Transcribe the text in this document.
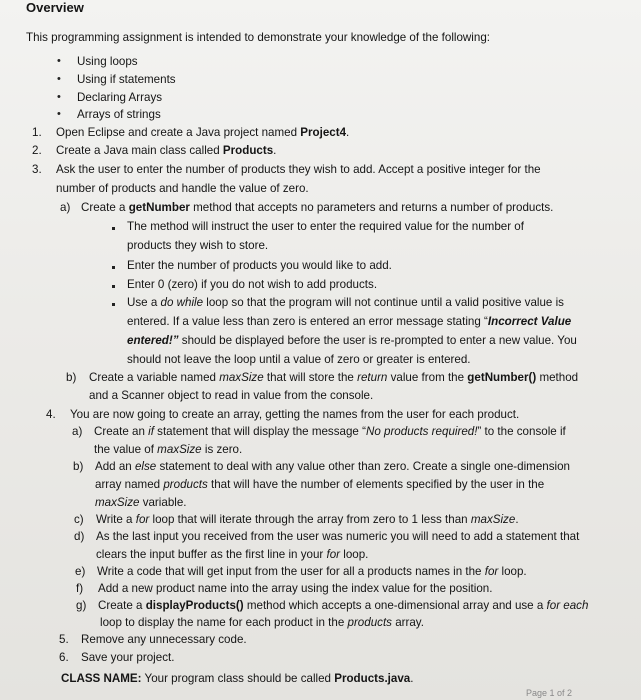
Overview
This programming assignment is intended to demonstrate your knowledge of the following:
• Using loops
• Using if statements
• Declaring Arrays
• Arrays of strings
1. Open Eclipse and create a Java project named Project4.
2. Create a Java main class called Products.
3. Ask the user to enter the number of products they wish to add. Accept a positive integer for the
number of products and handle the value of zero.
a) Create a getNumber method that accepts no parameters and returns a number of products.
The method will instruct the user to enter the required value for the number of
products they wish to store.
Enter the number of products you would like to add.
Enter 0 (zero) if you do not wish to add products.
Use a do while loop so that the program will not continue until a valid positive value is
entered. If a value less than zero is entered an error message stating “Incorrect Value
entered!” should be displayed before the user is re-prompted to enter a new value. You
should not leave the loop until a value of zero or greater is entered.
b) Create a variable named maxSize that will store the return value from the getNumber() method
and a Scanner object to read in value from the console.
4. You are now going to create an array, getting the names from the user for each product.
a) Create an if statement that will display the message “No products required!” to the console if
the value of maxSize is zero.
b) Add an else statement to deal with any value other than zero. Create a single one-dimension
array named products that will have the number of elements specified by the user in the
maxSize variable.
c) Write a for loop that will iterate through the array from zero to 1 less than maxSize.
d) As the last input you received from the user was numeric you will need to add a statement that
clears the input buffer as the first line in your for loop.
e) Write a code that will get input from the user for all a products names in the for loop.
f) Add a new product name into the array using the index value for the position.
g) Create a displayProducts() method which accepts a one-dimensional array and use a for each
loop to display the name for each product in the products array.
5. Remove any unnecessary code.
6. Save your project.
CLASS NAME: Your program class should be called Products.java.
Page 1 of 2
